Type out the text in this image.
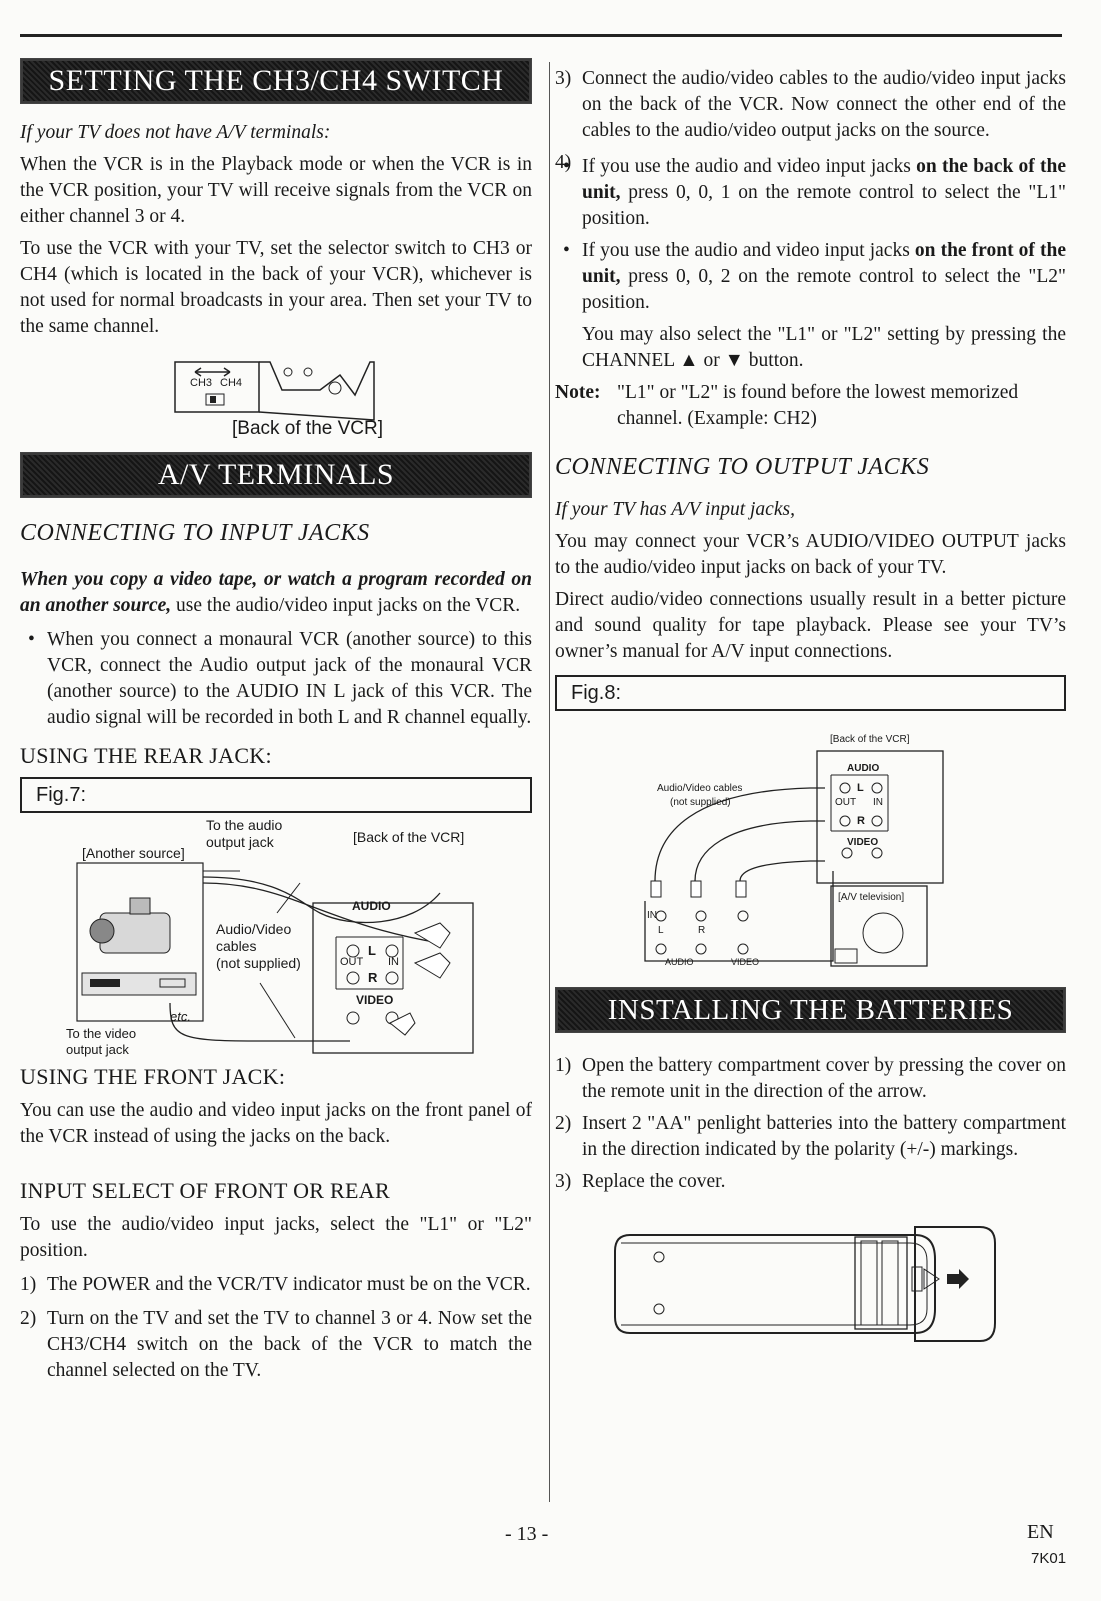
SETTING THE CH3/CH4 SWITCH

If your TV does not have A/V terminals:

When the VCR is in the Playback mode or when the VCR is in the VCR position, your TV will receive signals from the VCR on either channel 3 or 4.

To use the VCR with your TV, set the selector switch to CH3 or CH4 (which is located in the back of your VCR), whichever is not used for normal broadcasts in your area. Then set your TV to the same channel.

CH3 CH4
[Back of the VCR]
A/V TERMINALS

CONNECTING TO INPUT JACKS

When you copy a video tape, or watch a program recorded on an another source, use the audio/video input jacks on the VCR.

• When you connect a monaural VCR (another source) to this VCR, connect the Audio output jack of the monaural VCR (another source) to the AUDIO IN L jack of this VCR. The audio signal will be recorded in both L and R channel equally.

USING THE REAR JACK:

Fig.7:
To the audio
output jack	[Back of the VCR]
[Another source]
Audio/Video
cables
(not supplied)
AUDIO
L
R
OUT IN
VIDEO
etc.
To the video
output jack

USING THE FRONT JACK:

You can use the audio and video input jacks on the front panel of the VCR instead of using the jacks on the back.

INPUT SELECT OF FRONT OR REAR

To use the audio/video input jacks, select the "L1" or "L2" position.

1) The POWER and the VCR/TV indicator must be on the VCR.
2) Turn on the TV and set the TV to channel 3 or 4. Now set the CH3/CH4 switch on the back of the VCR to match the channel selected on the TV.
3) Connect the audio/video cables to the audio/video input jacks on the back of the VCR. Now connect the other end of the cables to the audio/video output jacks on the source.
4)
• If you use the audio and video input jacks on the back of the unit, press 0, 0, 1 on the remote control to select the "L1" position.
• If you use the audio and video input jacks on the front of the unit, press 0, 0, 2 on the remote control to select the "L2" position.

You may also select the "L1" or "L2" setting by pressing the CHANNEL ▲ or ▼ button.

Note: "L1" or "L2" is found before the lowest memorized channel. (Example: CH2)

CONNECTING TO OUTPUT JACKS

If your TV has A/V input jacks,

You may connect your VCR’s AUDIO/VIDEO OUTPUT jacks to the audio/video input jacks on back of your TV.

Direct audio/video connections usually result in a better picture and sound quality for tape playback. Please see your TV’s owner’s manual for A/V input connections.

Fig.8:
[Back of the VCR]
AUDIO
L
R
OUT IN
VIDEO
Audio/Video cables
(not supplied)
[A/V television]
IN
L	R
AUDIO	VIDEO
INSTALLING THE BATTERIES
1) Open the battery compartment cover by pressing the cover on the remote unit in the direction of the arrow.
2) Insert 2 "AA" penlight batteries into the battery compartment in the direction indicated by the polarity (+/-) markings.
3) Replace the cover.
- 13 -	EN
7K01
